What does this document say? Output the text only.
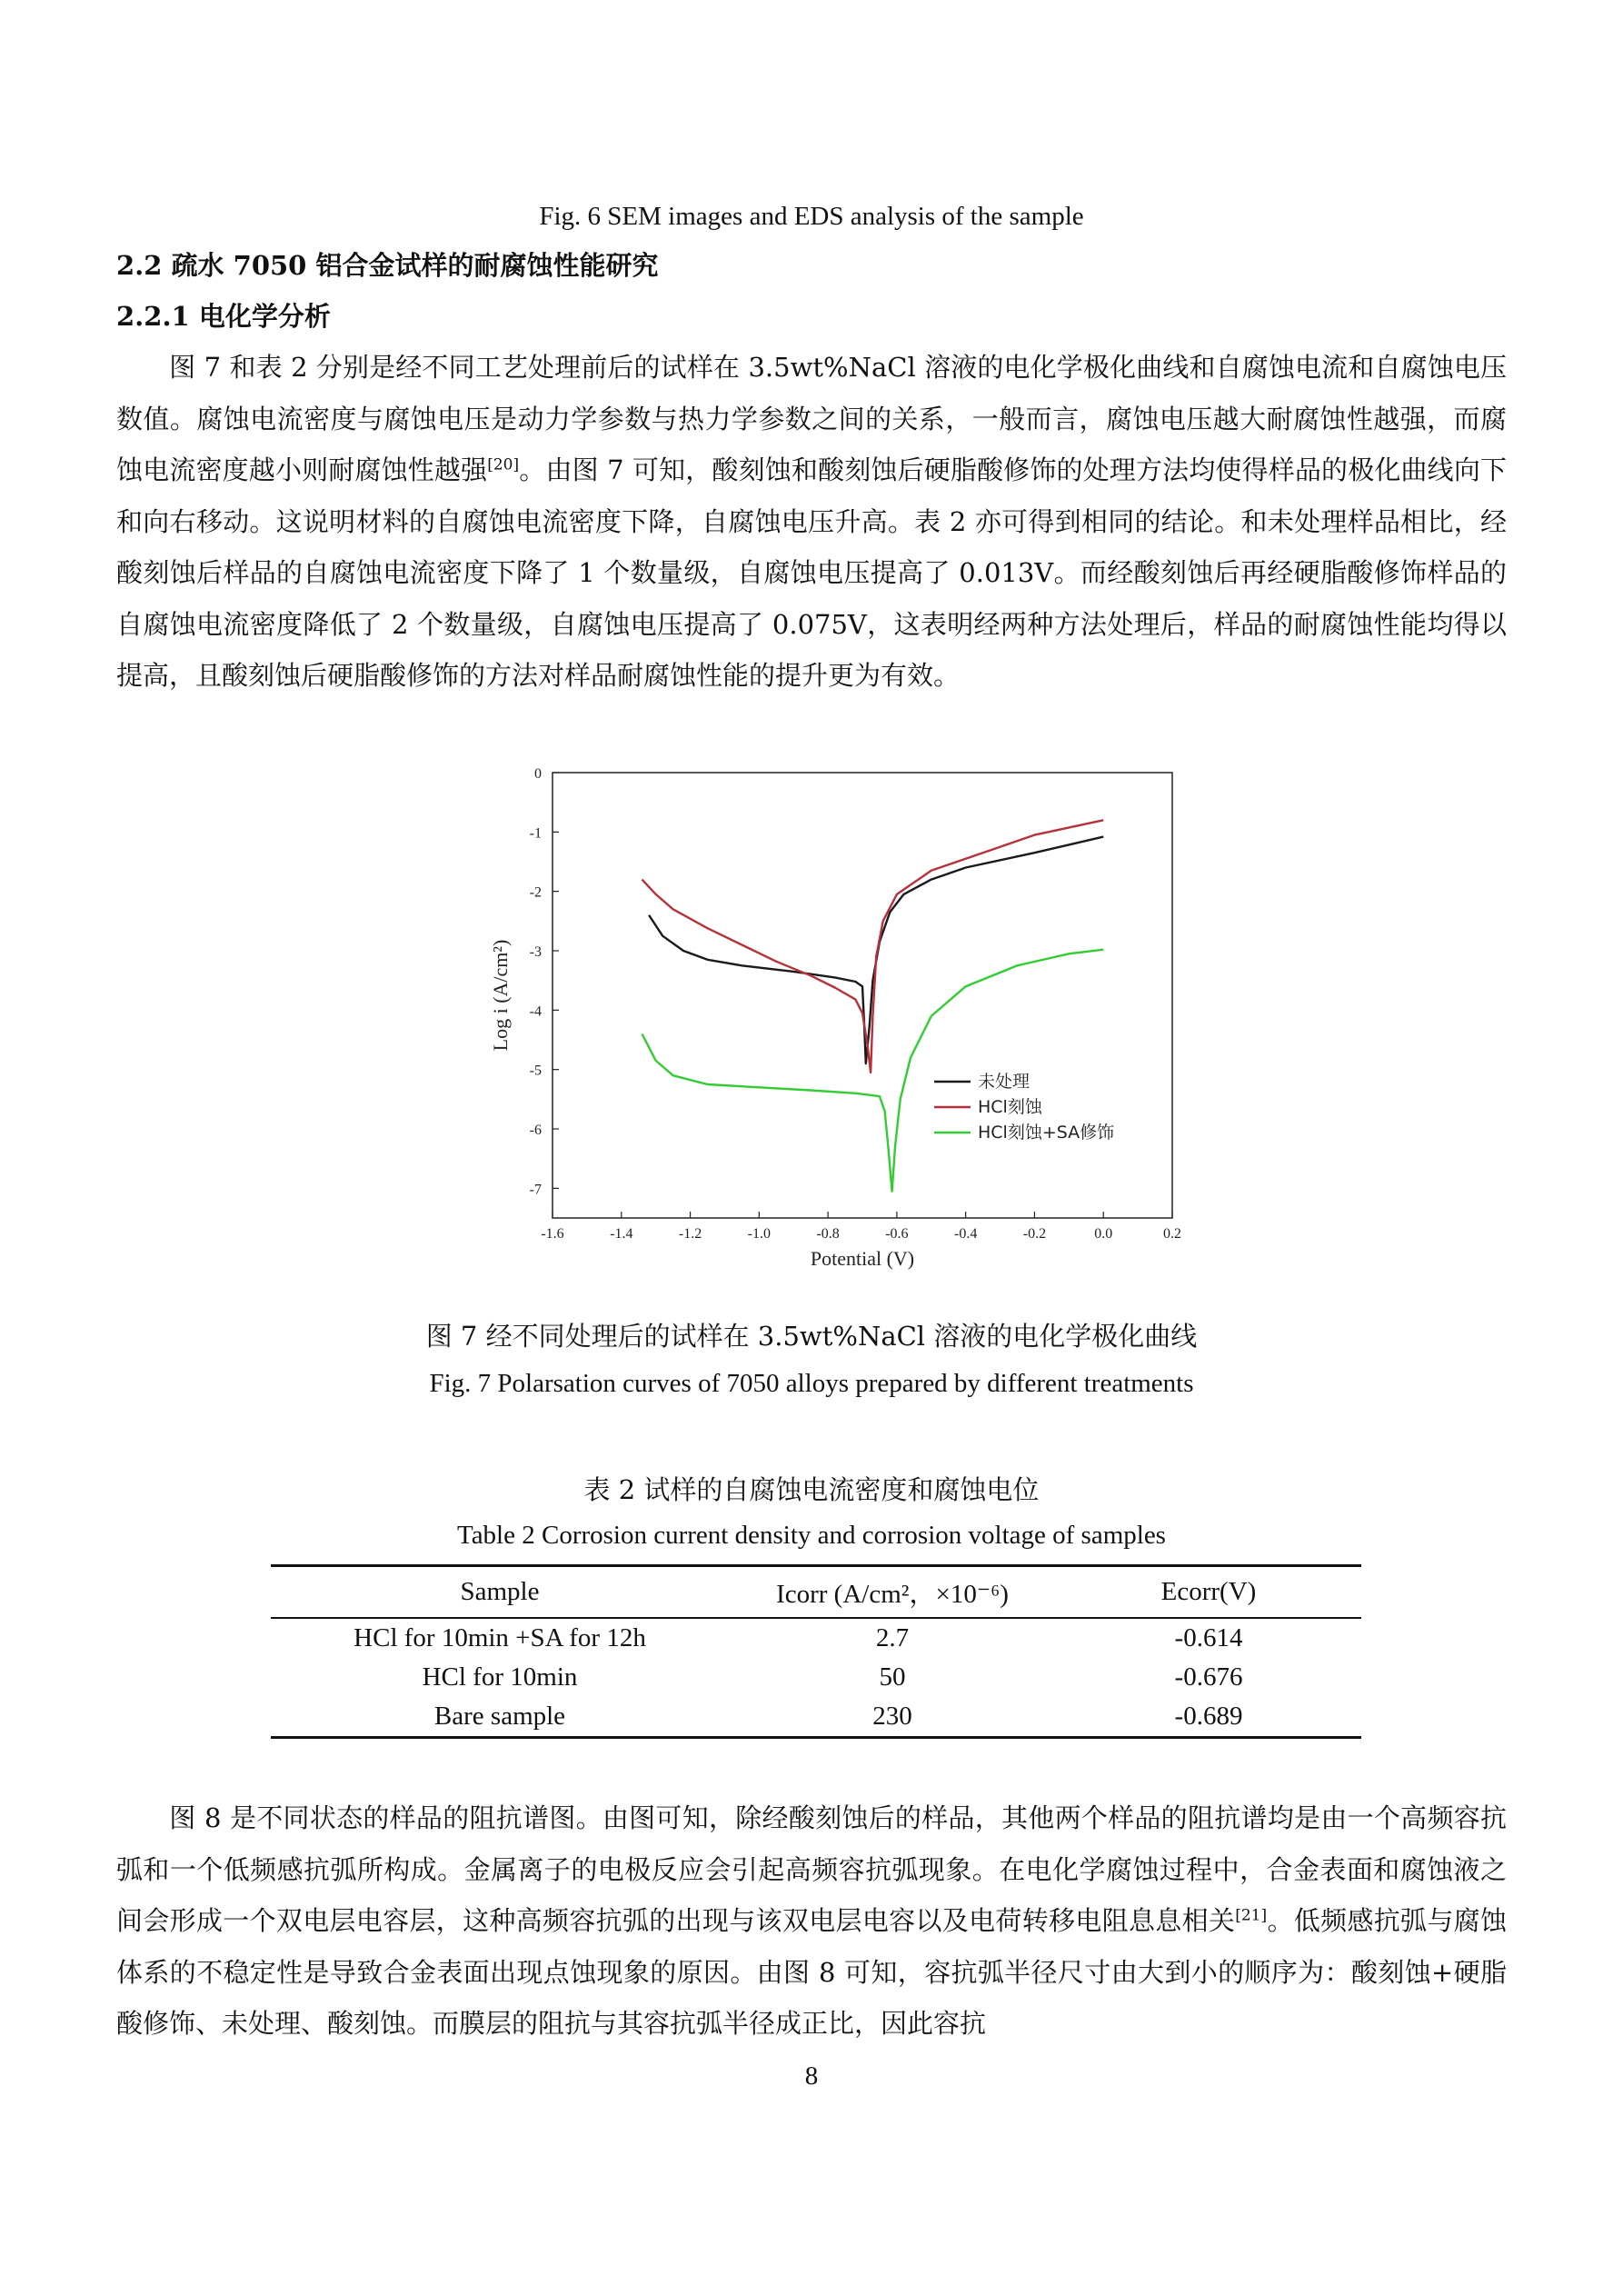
Fig. 6 SEM images and EDS analysis of the sample
2.2 疏水 7050 铝合金试样的耐腐蚀性能研究
2.2.1 电化学分析
图 7 和表 2 分别是经不同工艺处理前后的试样在 3.5wt%NaCl 溶液的电化学极化曲线和自腐蚀电流和自腐蚀电压数值。腐蚀电流密度与腐蚀电压是动力学参数与热力学参数之间的关系，一般而言，腐蚀电压越大耐腐蚀性越强，而腐蚀电流密度越小则耐腐蚀性越强[20]。由图 7 可知，酸刻蚀和酸刻蚀后硬脂酸修饰的处理方法均使得样品的极化曲线向下和向右移动。这说明材料的自腐蚀电流密度下降，自腐蚀电压升高。表 2 亦可得到相同的结论。和未处理样品相比，经酸刻蚀后样品的自腐蚀电流密度下降了 1 个数量级，自腐蚀电压提高了 0.013V。而经酸刻蚀后再经硬脂酸修饰样品的自腐蚀电流密度降低了 2 个数量级，自腐蚀电压提高了 0.075V，这表明经两种方法处理后，样品的耐腐蚀性能均得以提高，且酸刻蚀后硬脂酸修饰的方法对样品耐腐蚀性能的提升更为有效。
-1.6	-1.4	-1.2	-1.0	-0.8	-0.6	-0.4	-0.2	0.0	0.2
0
-1
-2
-3
-4
-5
-6
-7
Potential (V)
Log i (A/cm²)
未处理
HCl刻蚀
HCl刻蚀+SA修饰
图 7 经不同处理后的试样在 3.5wt%NaCl 溶液的电化学极化曲线
Fig. 7 Polarsation curves of 7050 alloys prepared by different treatments
表 2 试样的自腐蚀电流密度和腐蚀电位
Table 2 Corrosion current density and corrosion voltage of samples
Sample	Icorr (A/cm²，×10⁻⁶)	Ecorr(V)
HCl for 10min +SA for 12h	2.7	-0.614
HCl for 10min	50	-0.676
Bare sample	230	-0.689
图 8 是不同状态的样品的阻抗谱图。由图可知，除经酸刻蚀后的样品，其他两个样品的阻抗谱均是由一个高频容抗弧和一个低频感抗弧所构成。金属离子的电极反应会引起高频容抗弧现象。在电化学腐蚀过程中，合金表面和腐蚀液之间会形成一个双电层电容层，这种高频容抗弧的出现与该双电层电容以及电荷转移电阻息息相关[21]。低频感抗弧与腐蚀体系的不稳定性是导致合金表面出现点蚀现象的原因。由图 8 可知，容抗弧半径尺寸由大到小的顺序为：酸刻蚀+硬脂酸修饰、未处理、酸刻蚀。而膜层的阻抗与其容抗弧半径成正比，因此容抗
8
